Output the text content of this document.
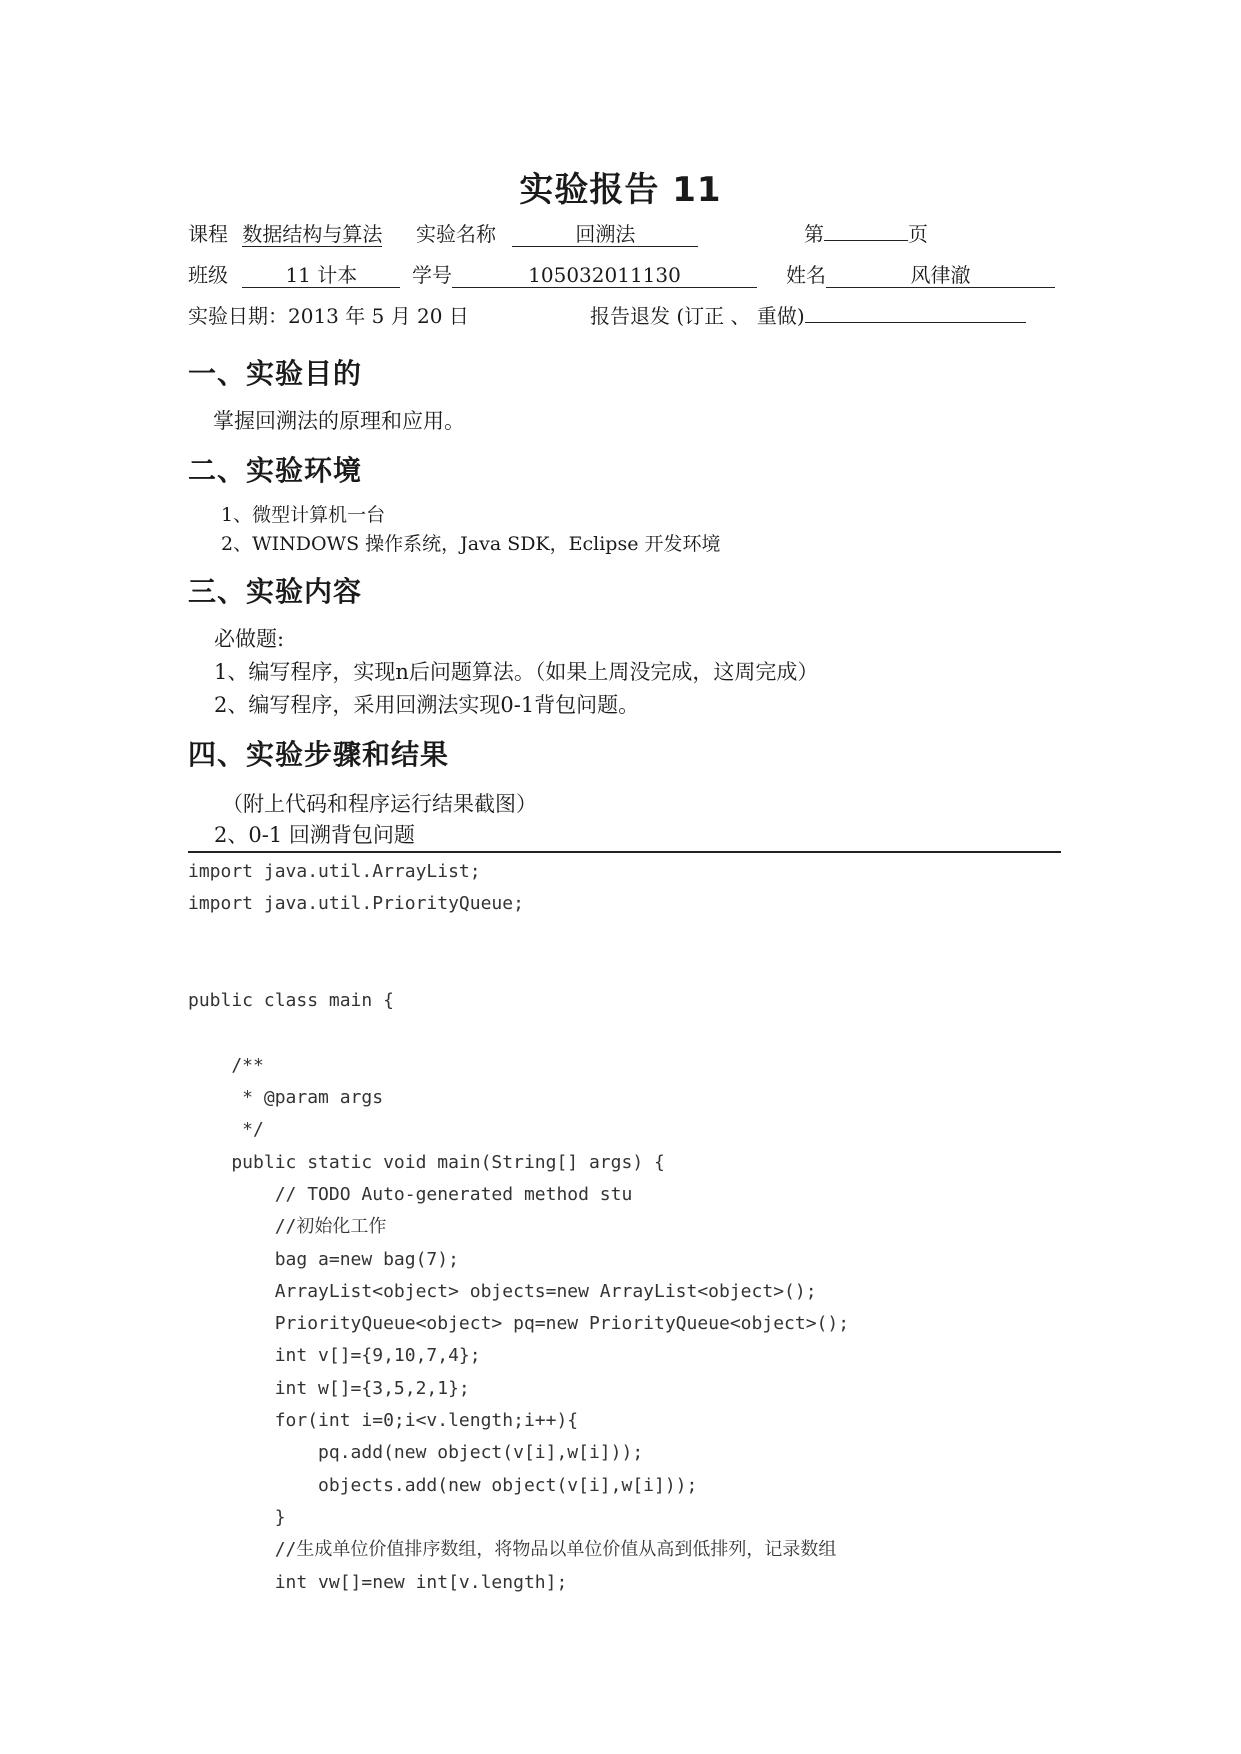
实验报告 11
课程 数据结构与算法 实验名称	回溯法	第	页
班级	11 计本	学号	105032011130	姓名	风律澈
实验日期：2013 年 5 月 20 日	报告退发 (订正 、 重做)
一、实验目的
掌握回溯法的原理和应用。
二、实验环境
1、微型计算机一台
2、WINDOWS 操作系统，Java SDK，Eclipse 开发环境
三、实验内容
必做题:
1、编写程序，实现n后问题算法。（如果上周没完成，这周完成）
2、编写程序，采用回溯法实现0-1背包问题。
四、实验步骤和结果
（附上代码和程序运行结果截图）
2、0-1 回溯背包问题
import java.util.ArrayList;
import java.util.PriorityQueue;
public class main {
/**
* @param args
*/
public static void main(String[] args) {
// TODO Auto-generated method stu
//初始化工作
bag a=new bag(7);
ArrayList<object> objects=new ArrayList<object>();
PriorityQueue<object> pq=new PriorityQueue<object>();
int v[]={9,10,7,4};
int w[]={3,5,2,1};
for(int i=0;i<v.length;i++){
pq.add(new object(v[i],w[i]));
objects.add(new object(v[i],w[i]));
}
//生成单位价值排序数组，将物品以单位价值从高到低排列，记录数组
int vw[]=new int[v.length];
